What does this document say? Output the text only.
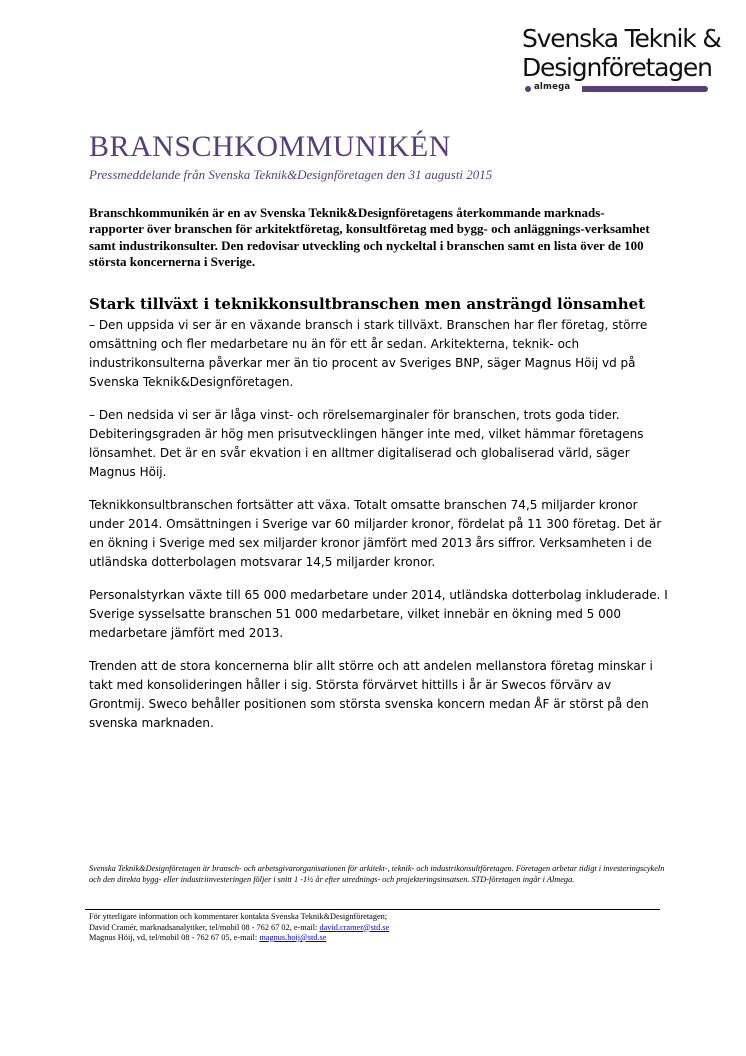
Svenska Teknik &
Designföretagen
almega
BRANSCHKOMMUNIKÉN
Pressmeddelande från Svenska Teknik&Designföretagen den 31 augusti 2015
Branschkommunikén är en av Svenska Teknik&Designföretagens återkommande marknads-rapporter över branschen för arkitektföretag, konsultföretag med bygg- och anläggnings-verksamhet samt industrikonsulter. Den redovisar utveckling och nyckeltal i branschen samt en lista över de 100 största koncernerna i Sverige.
Stark tillväxt i teknikkonsultbranschen men ansträngd lönsamhet

– Den uppsida vi ser är en växande bransch i stark tillväxt. Branschen har fler företag, större omsättning och fler medarbetare nu än för ett år sedan. Arkitekterna, teknik- och industrikonsulterna påverkar mer än tio procent av Sveriges BNP, säger Magnus Höij vd på Svenska Teknik&Designföretagen.

– Den nedsida vi ser är låga vinst- och rörelsemarginaler för branschen, trots goda tider. Debiteringsgraden är hög men prisutvecklingen hänger inte med, vilket hämmar företagens lönsamhet. Det är en svår ekvation i en alltmer digitaliserad och globaliserad värld, säger Magnus Höij.

Teknikkonsultbranschen fortsätter att växa. Totalt omsatte branschen 74,5 miljarder kronor under 2014. Omsättningen i Sverige var 60 miljarder kronor, fördelat på 11 300 företag. Det är en ökning i Sverige med sex miljarder kronor jämfört med 2013 års siffror. Verksamheten i de utländska dotterbolagen motsvarar 14,5 miljarder kronor.

Personalstyrkan växte till 65 000 medarbetare under 2014, utländska dotterbolag inkluderade. I Sverige sysselsatte branschen 51 000 medarbetare, vilket innebär en ökning med 5 000 medarbetare jämfört med 2013.

Trenden att de stora koncernerna blir allt större och att andelen mellanstora företag minskar i takt med konsolideringen håller i sig. Största förvärvet hittills i år är Swecos förvärv av Grontmij. Sweco behåller positionen som största svenska koncern medan ÅF är störst på den svenska marknaden.

Svenska Teknik&Designföretagen är bransch- och arbetsgivarorganisationen för arkitekt-, teknik- och industrikonsultföretagen. Företagen arbetar tidigt i investeringscykeln och den direkta bygg- eller industriinvesteringen följer i snitt 1 -1½ år efter utrednings- och projekteringsinsatsen. STD-företagen ingår i Almega.
För ytterligare information och kommentarer kontakta Svenska Teknik&Designföretagen;
David Cramér, marknadsanalytiker, tel/mobil 08 - 762 67 02, e-mail: david.cramer@std.se
Magnus Höij, vd, tel/mobil 08 - 762 67 05, e-mail: magnus.hoij@std.se
